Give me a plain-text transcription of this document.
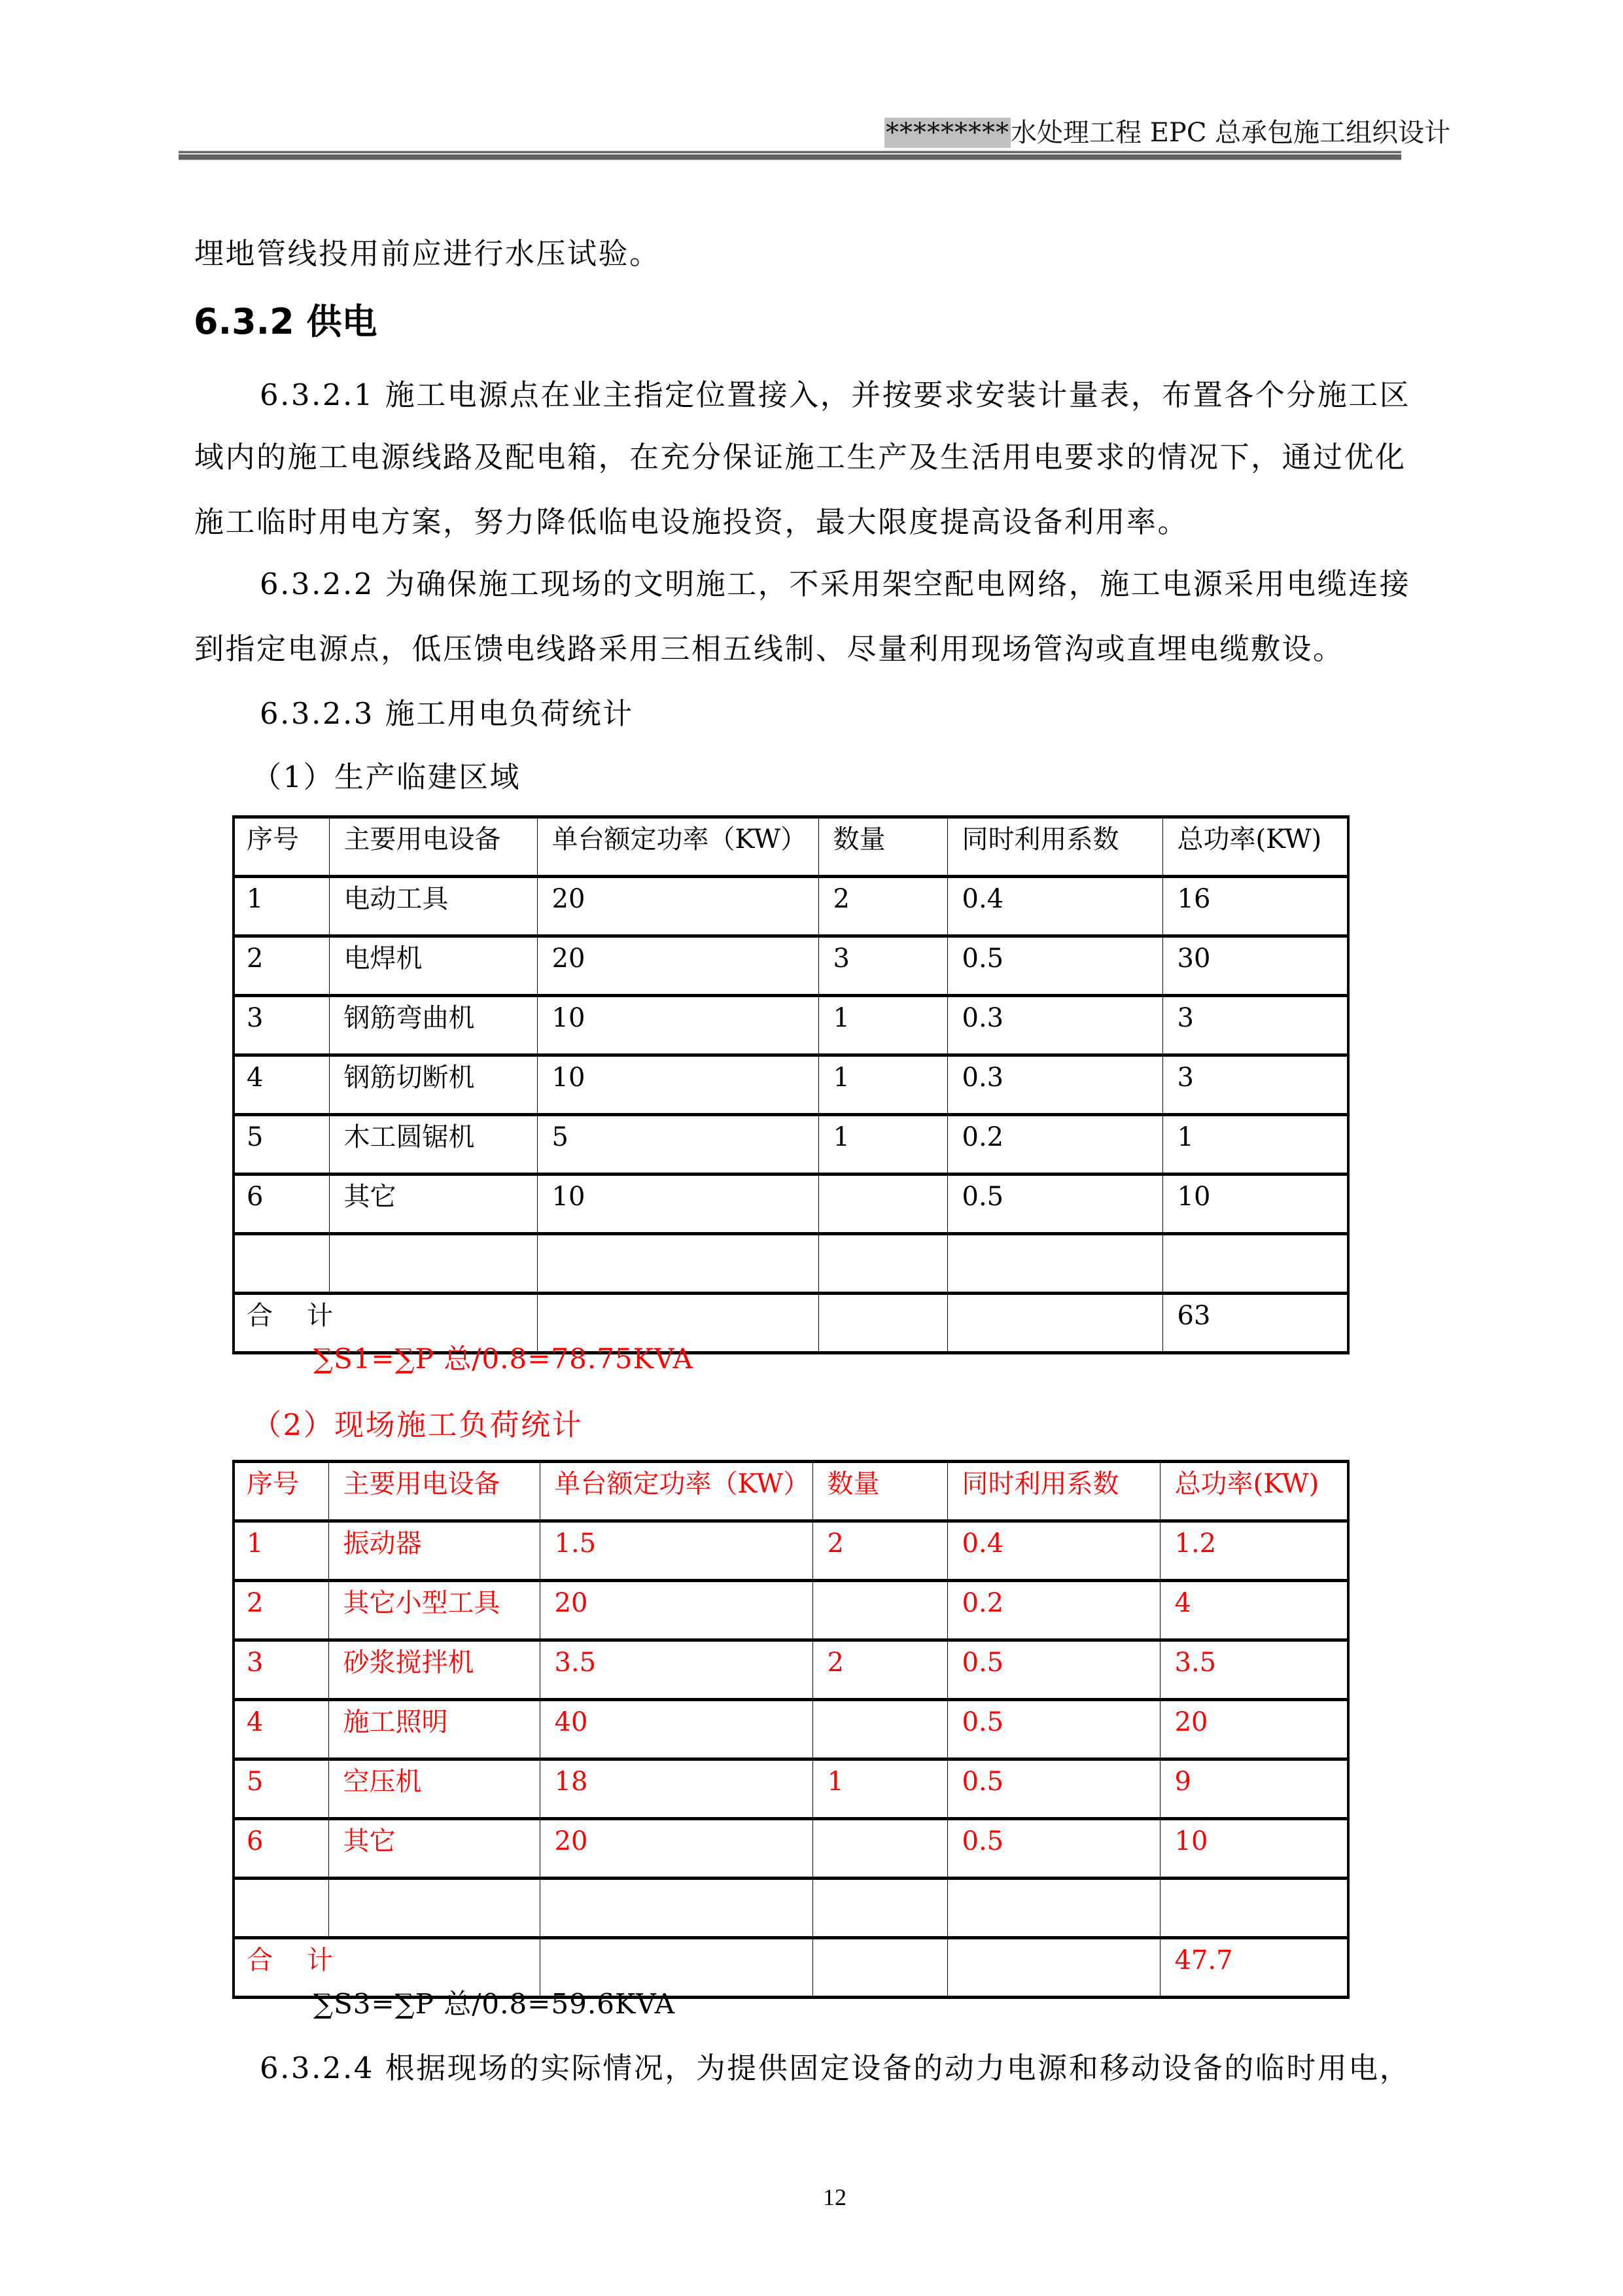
*********水处理工程 EPC 总承包施工组织设计
埋地管线投用前应进行水压试验。
6.3.2 供电
6.3.2.1 施工电源点在业主指定位置接入，并按要求安装计量表，布置各个分施工区
域内的施工电源线路及配电箱，在充分保证施工生产及生活用电要求的情况下，通过优化
施工临时用电方案，努力降低临电设施投资，最大限度提高设备利用率。
6.3.2.2 为确保施工现场的文明施工，不采用架空配电网络，施工电源采用电缆连接
到指定电源点，低压馈电线路采用三相五线制、尽量利用现场管沟或直埋电缆敷设。
6.3.2.3 施工用电负荷统计
（1）生产临建区域
序号	主要用电设备	单台额定功率（KW）	数量	同时利用系数	总功率(KW)
1	电动工具	20	2	0.4	16
2	电焊机	20	3	0.5	30
3	钢筋弯曲机	10	1	0.3	3
4	钢筋切断机	10	1	0.3	3
5	木工圆锯机	5	1	0.2	1
6	其它	10		0.5	10

合　计					63
∑S1=∑P 总/0.8=78.75KVA
（2）现场施工负荷统计
序号	主要用电设备	单台额定功率（KW）	数量	同时利用系数	总功率(KW)
1	振动器	1.5	2	0.4	1.2
2	其它小型工具	20		0.2	4
3	砂浆搅拌机	3.5	2	0.5	3.5
4	施工照明	40		0.5	20
5	空压机	18	1	0.5	9
6	其它	20		0.5	10

合　计					47.7
∑S3=∑P 总/0.8=59.6KVA
6.3.2.4 根据现场的实际情况，为提供固定设备的动力电源和移动设备的临时用电，
12
